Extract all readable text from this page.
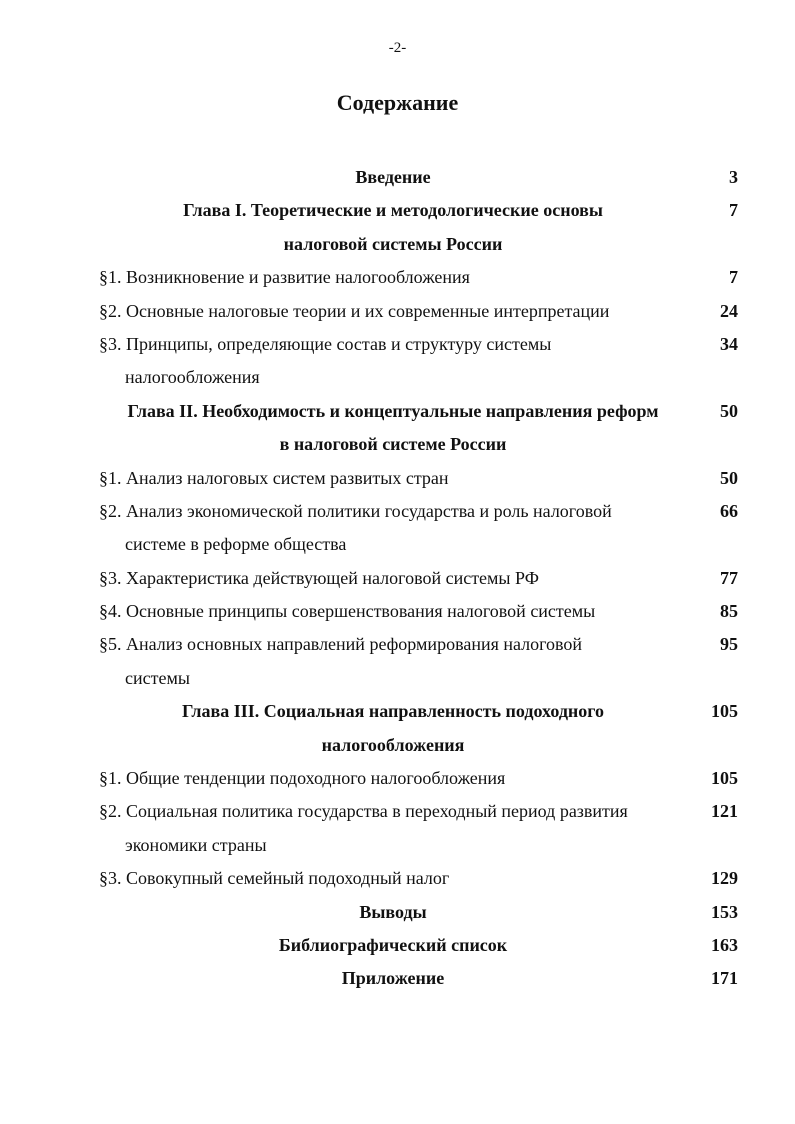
-2-
Содержание
Введение	3
Глава I. Теоретические и методологические основы	7
налоговой системы России
§1. Возникновение и развитие налогообложения	7
§2. Основные налоговые теории и их современные интерпретации	24
§3. Принципы, определяющие состав и структуру системы	34
налогообложения
Глава II. Необходимость и концептуальные направления реформ	50
в налоговой системе России
§1. Анализ налоговых систем развитых стран	50
§2. Анализ экономической политики государства и роль налоговой	66
системе в реформе общества
§3. Характеристика действующей налоговой системы РФ	77
§4. Основные принципы совершенствования налоговой системы	85
§5. Анализ основных направлений реформирования налоговой	95
системы
Глава III. Социальная направленность подоходного	105
налогообложения
§1. Общие тенденции подоходного налогообложения	105
§2. Социальная политика государства в переходный период развития	121
экономики страны
§3. Совокупный семейный подоходный налог	129
Выводы	153
Библиографический список	163
Приложение	171
